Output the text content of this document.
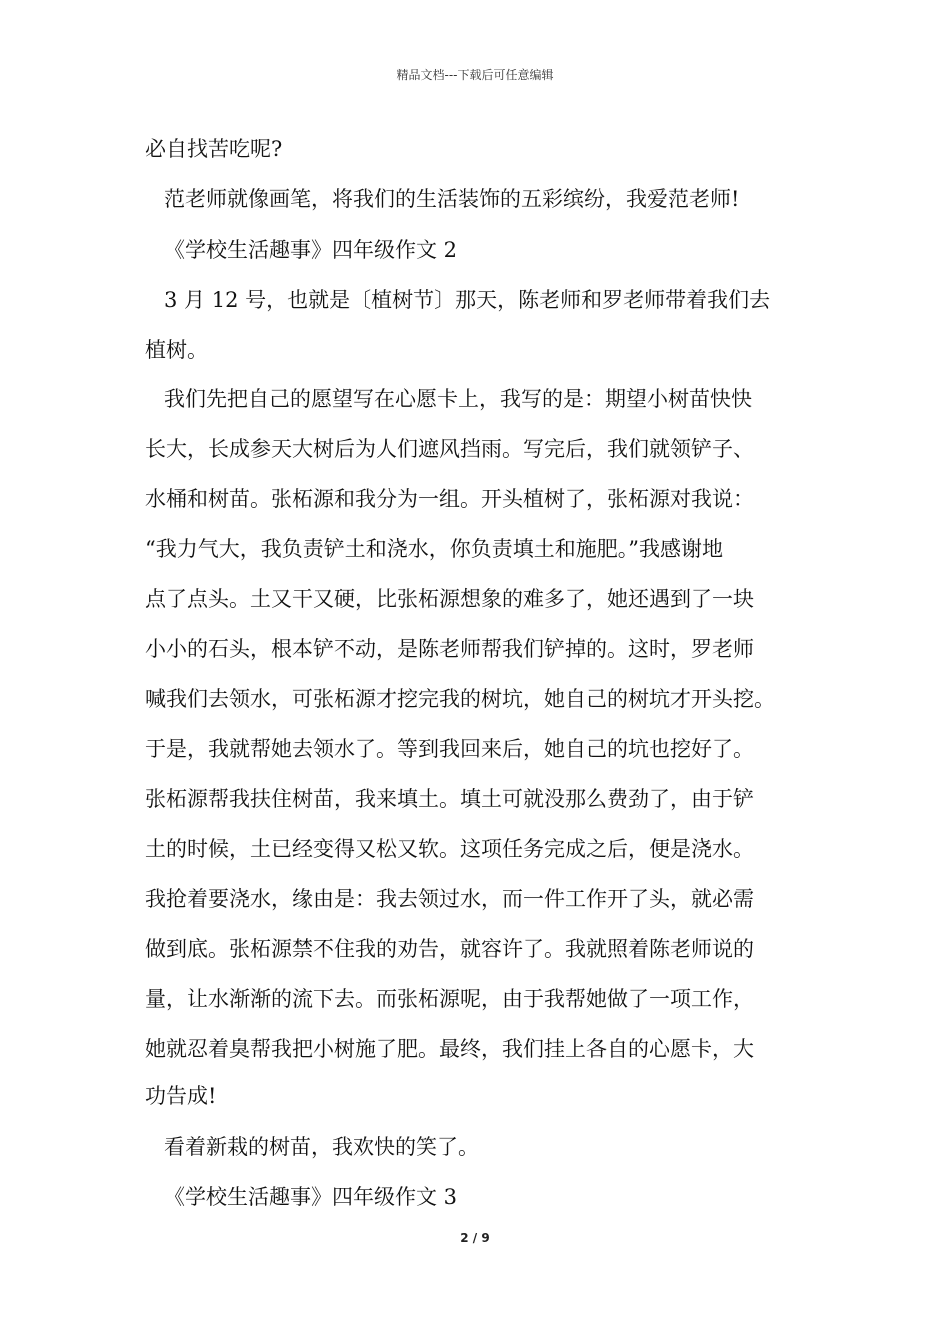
精品文档---下载后可任意编辑
必自找苦吃呢?
范老师就像画笔，将我们的生活装饰的五彩缤纷，我爱范老师!
《学校生活趣事》四年级作文 2
3 月 12 号，也就是〔植树节〕那天，陈老师和罗老师带着我们去
植树。
我们先把自己的愿望写在心愿卡上，我写的是：期望小树苗快快
长大，长成参天大树后为人们遮风挡雨。写完后，我们就领铲子、
水桶和树苗。张柘源和我分为一组。开头植树了，张柘源对我说：
“我力气大，我负责铲土和浇水，你负责填土和施肥。”我感谢地
点了点头。土又干又硬，比张柘源想象的难多了，她还遇到了一块
小小的石头，根本铲不动，是陈老师帮我们铲掉的。这时，罗老师
喊我们去领水，可张柘源才挖完我的树坑，她自己的树坑才开头挖。
于是，我就帮她去领水了。等到我回来后，她自己的坑也挖好了。
张柘源帮我扶住树苗，我来填土。填土可就没那么费劲了，由于铲
土的时候，土已经变得又松又软。这项任务完成之后，便是浇水。
我抢着要浇水，缘由是：我去领过水，而一件工作开了头，就必需
做到底。张柘源禁不住我的劝告，就容许了。我就照着陈老师说的
量，让水渐渐的流下去。而张柘源呢，由于我帮她做了一项工作，
她就忍着臭帮我把小树施了肥。最终，我们挂上各自的心愿卡，大
功告成!
看着新栽的树苗，我欢快的笑了。
《学校生活趣事》四年级作文 3
2 / 9
